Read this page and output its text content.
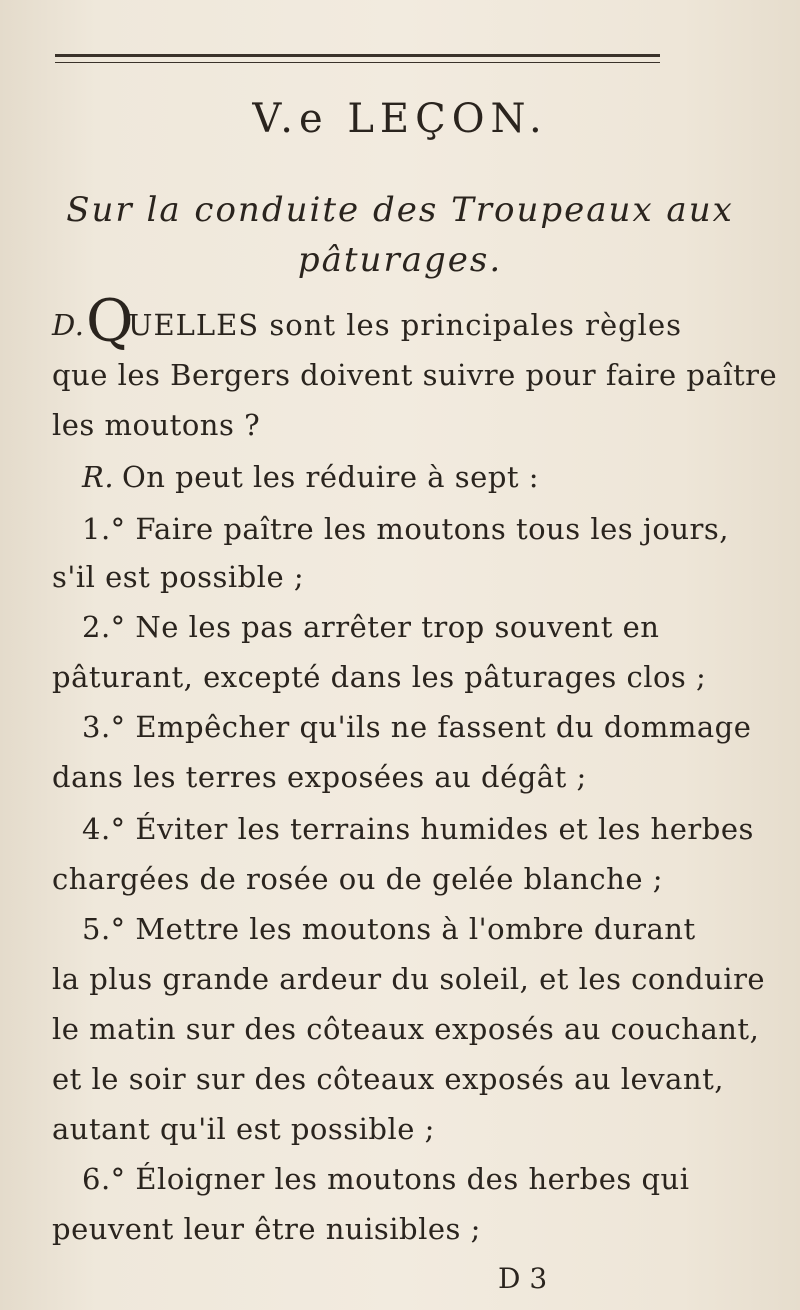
V.e LEÇON.
Sur la conduite des Troupeaux aux
pâturages.
D. Q
UELLES sont les principales règles
que les Bergers doivent suivre pour faire paître
les moutons ?
R. On peut les réduire à sept :
1.° Faire paître les moutons tous les jours,
s'il est possible ;
2.° Ne les pas arrêter trop souvent en
pâturant, excepté dans les pâturages clos ;
3.° Empêcher qu'ils ne fassent du dommage
dans les terres exposées au dégât ;
4.° Éviter les terrains humides et les herbes
chargées de rosée ou de gelée blanche ;
5.° Mettre les moutons à l'ombre durant
la plus grande ardeur du soleil, et les conduire
le matin sur des côteaux exposés au couchant,
et le soir sur des côteaux exposés au levant,
autant qu'il est possible ;
6.° Éloigner les moutons des herbes qui
peuvent leur être nuisibles ;
D 3
